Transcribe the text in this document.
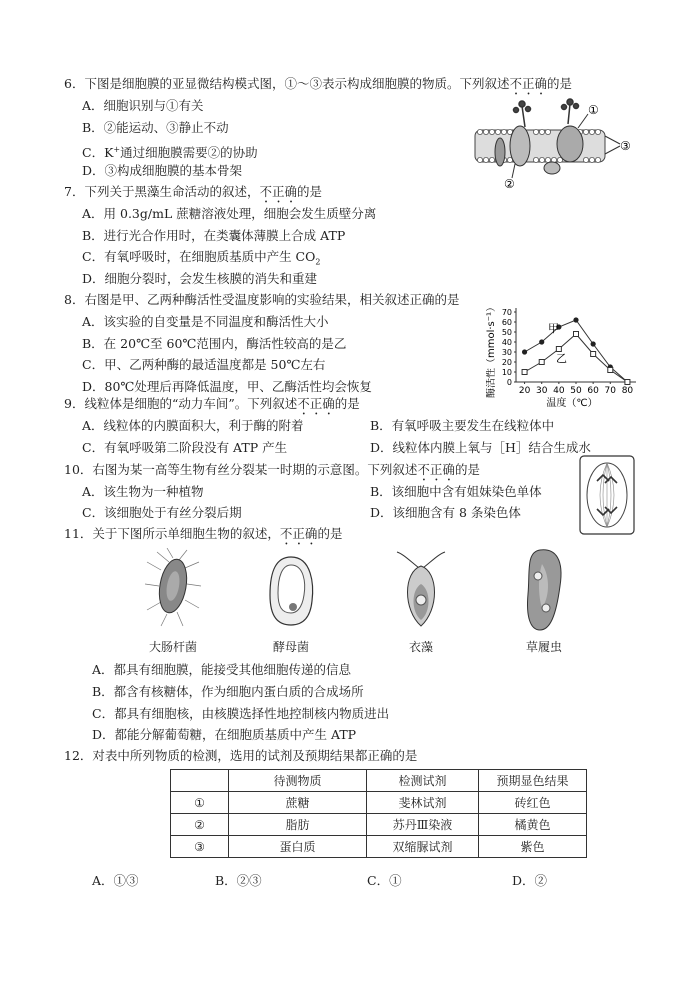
6．下图是细胞膜的亚显微结构模式图，①～③表示构成细胞膜的物质。下列叙述不正确的是
A．细胞识别与①有关
B．②能运动、③静止不动
C．K+通过细胞膜需要②的协助
D．③构成细胞膜的基本骨架
①
③
②
7．下列关于黑藻生命活动的叙述，不正确的是
A．用 0.3g/mL 蔗糖溶液处理，细胞会发生质壁分离
B．进行光合作用时，在类囊体薄膜上合成 ATP
C．有氧呼吸时，在细胞质基质中产生 $CO_2$
D．细胞分裂时，会发生核膜的消失和重建
8．右图是甲、乙两种酶活性受温度影响的实验结果，相关叙述正确的是
A．该实验的自变量是不同温度和酶活性大小
B．在 20℃至 60℃范围内，酶活性较高的是乙
C．甲、乙两种酶的最适温度都是 50℃左右
D．80℃处理后再降低温度，甲、乙酶活性均会恢复	20 30 40 50 60 70 80
0
10
20
30
40
50
60
70
温度（℃）
酶活性（mmol·s⁻¹）	甲
乙
9．线粒体是细胞的“动力车间”。下列叙述不正确的是
A．线粒体的内膜面积大，利于酶的附着	B．有氧呼吸主要发生在线粒体中
C．有氧呼吸第二阶段没有 ATP 产生	D．线粒体内膜上氧与［H］结合生成水
10．右图为某一高等生物有丝分裂某一时期的示意图。下列叙述不正确的是
A．该生物为一种植物	B．该细胞中含有姐妹染色单体
C．该细胞处于有丝分裂后期	D．该细胞含有 8 条染色体
11．关于下图所示单细胞生物的叙述，不正确的是
大肠杆菌	酵母菌	衣藻	草履虫
A．都具有细胞膜，能接受其他细胞传递的信息
B．都含有核糖体，作为细胞内蛋白质的合成场所
C．都具有细胞核，由核膜选择性地控制核内物质进出
D．都能分解葡萄糖，在细胞质基质中产生 ATP
12．对表中所列物质的检测，选用的试剂及预期结果都正确的是
	待测物质	检测试剂	预期显色结果
①	蔗糖	斐林试剂	砖红色
②	脂肪	苏丹Ⅲ染液	橘黄色
③	蛋白质	双缩脲试剂	紫色
A．①③	B．②③	C．①	D．②
